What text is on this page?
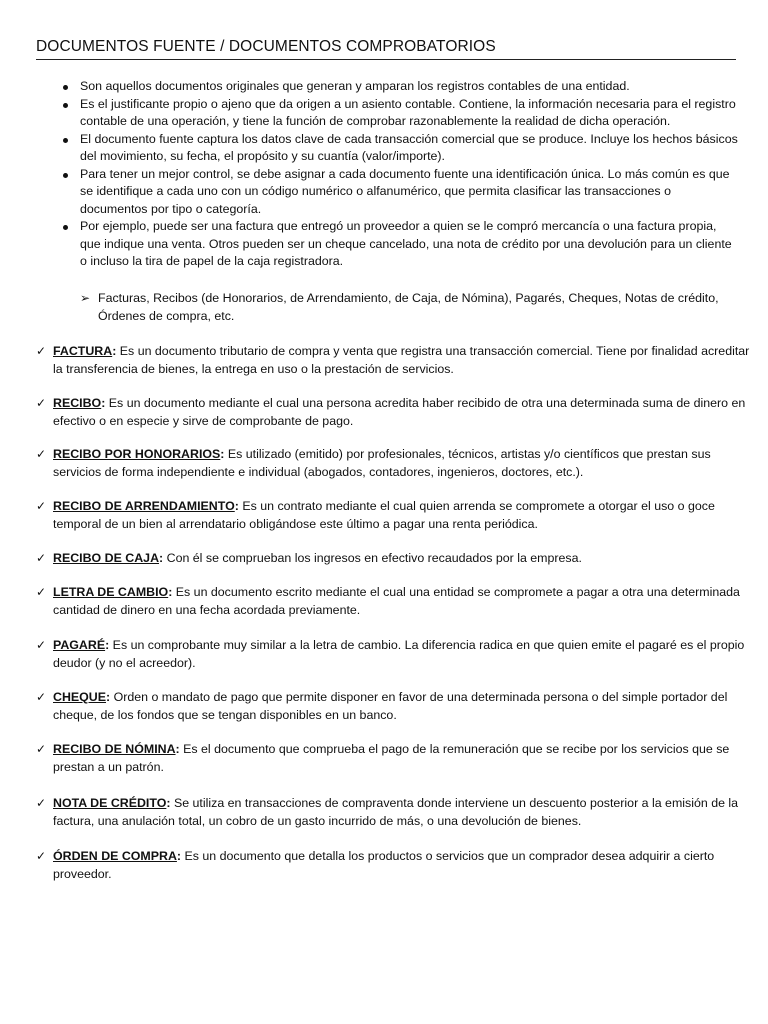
DOCUMENTOS FUENTE / DOCUMENTOS COMPROBATORIOS
Son aquellos documentos originales que generan y amparan los registros contables de una entidad.
Es el justificante propio o ajeno que da origen a un asiento contable. Contiene, la información necesaria para el registro contable de una operación, y tiene la función de comprobar razonablemente la realidad de dicha operación.
El documento fuente captura los datos clave de cada transacción comercial que se produce. Incluye los hechos básicos del movimiento, su fecha, el propósito y su cuantía (valor/importe).
Para tener un mejor control, se debe asignar a cada documento fuente una identificación única. Lo más común es que se identifique a cada uno con un código numérico o alfanumérico, que permita clasificar las transacciones o documentos por tipo o categoría.
Por ejemplo, puede ser una factura que entregó un proveedor a quien se le compró mercancía o una factura propia, que indique una venta. Otros pueden ser un cheque cancelado, una nota de crédito por una devolución para un cliente o incluso la tira de papel de la caja registradora.
➢ Facturas, Recibos (de Honorarios, de Arrendamiento, de Caja, de Nómina), Pagarés, Cheques, Notas de crédito, Órdenes de compra, etc.
✓ FACTURA: Es un documento tributario de compra y venta que registra una transacción comercial. Tiene por finalidad acreditar la transferencia de bienes, la entrega en uso o la prestación de servicios.
✓ RECIBO: Es un documento mediante el cual una persona acredita haber recibido de otra una determinada suma de dinero en efectivo o en especie y sirve de comprobante de pago.
✓ RECIBO POR HONORARIOS: Es utilizado (emitido) por profesionales, técnicos, artistas y/o científicos que prestan sus servicios de forma independiente e individual (abogados, contadores, ingenieros, doctores, etc.).
✓ RECIBO DE ARRENDAMIENTO: Es un contrato mediante el cual quien arrenda se compromete a otorgar el uso o goce temporal de un bien al arrendatario obligándose este último a pagar una renta periódica.
✓ RECIBO DE CAJA: Con él se comprueban los ingresos en efectivo recaudados por la empresa.
✓ LETRA DE CAMBIO: Es un documento escrito mediante el cual una entidad se compromete a pagar a otra una determinada cantidad de dinero en una fecha acordada previamente.
✓ PAGARÉ: Es un comprobante muy similar a la letra de cambio. La diferencia radica en que quien emite el pagaré es el propio deudor (y no el acreedor).
✓ CHEQUE: Orden o mandato de pago que permite disponer en favor de una determinada persona o del simple portador del cheque, de los fondos que se tengan disponibles en un banco.
✓ RECIBO DE NÓMINA: Es el documento que comprueba el pago de la remuneración que se recibe por los servicios que se prestan a un patrón.
✓ NOTA DE CRÉDITO: Se utiliza en transacciones de compraventa donde interviene un descuento posterior a la emisión de la factura, una anulación total, un cobro de un gasto incurrido de más, o una devolución de bienes.
✓ ÓRDEN DE COMPRA: Es un documento que detalla los productos o servicios que un comprador desea adquirir a cierto proveedor.
